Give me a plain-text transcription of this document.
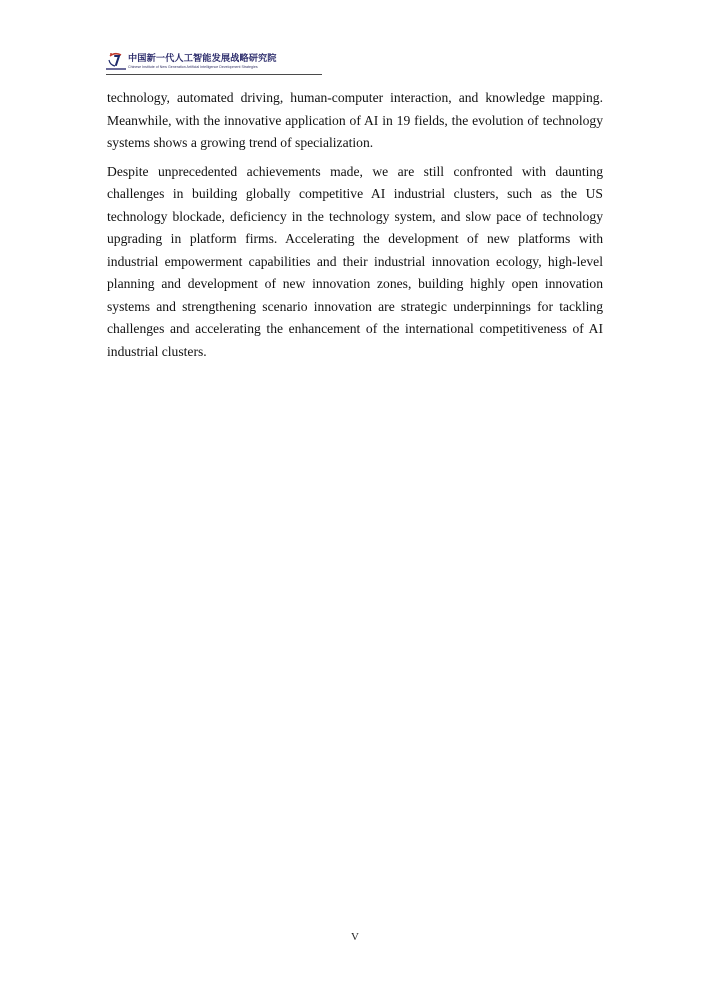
中国新一代人工智能发展战略研究院
Chinese Institute of New Generation Artificial Intelligence Development Strategies

technology, automated driving, human-computer interaction, and knowledge mapping. Meanwhile, with the innovative application of AI in 19 fields, the evolution of technology systems shows a growing trend of specialization.

Despite unprecedented achievements made, we are still confronted with daunting challenges in building globally competitive AI industrial clusters, such as the US technology blockade, deficiency in the technology system, and slow pace of technology upgrading in platform firms. Accelerating the development of new platforms with industrial empowerment capabilities and their industrial innovation ecology, high-level planning and development of new innovation zones, building highly open innovation systems and strengthening scenario innovation are strategic underpinnings for tackling challenges and accelerating the enhancement of the international competitiveness of AI industrial clusters.

V
